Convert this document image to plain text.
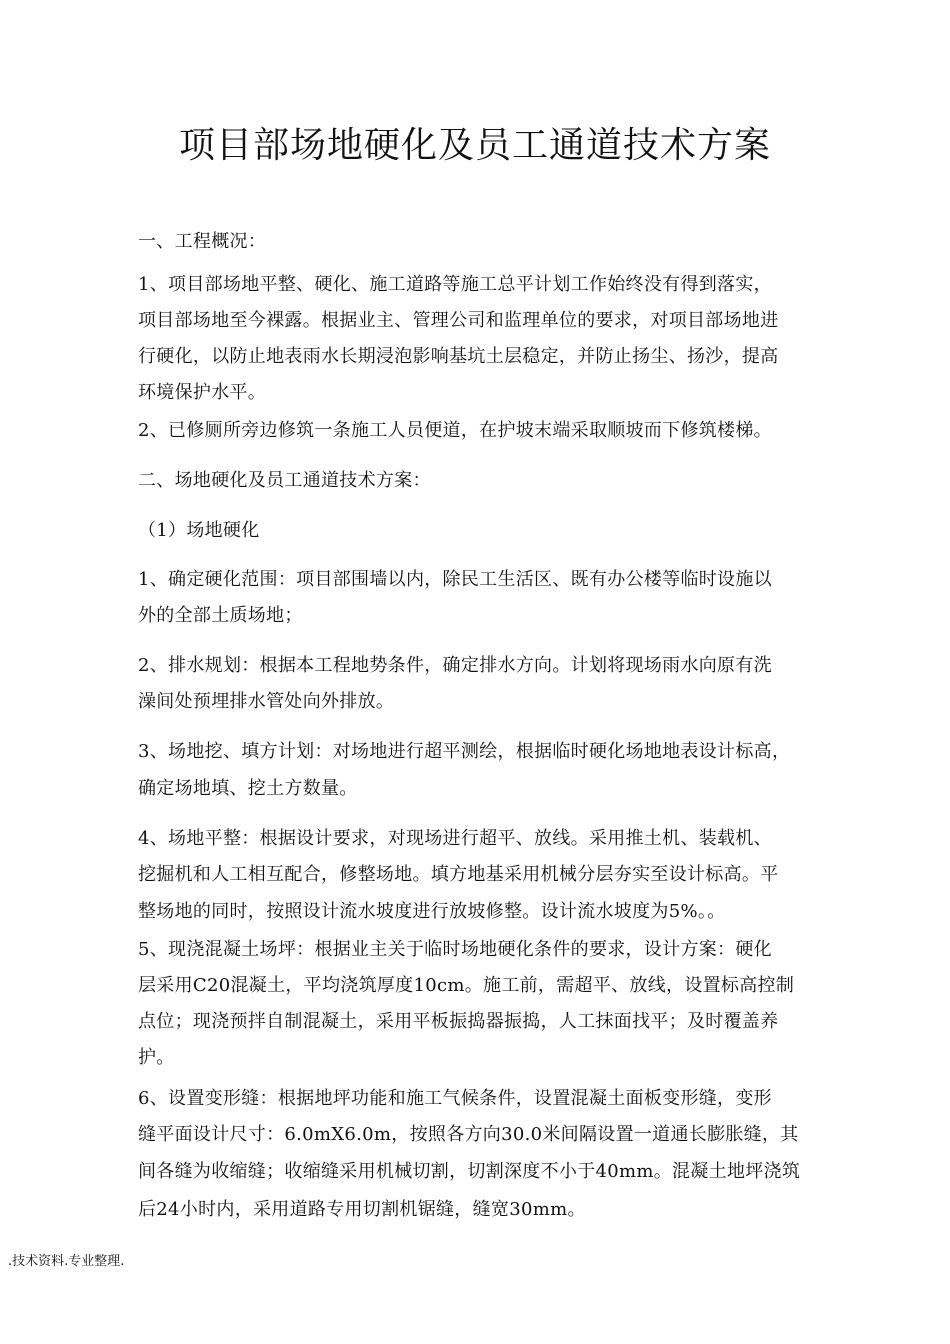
项目部场地硬化及员工通道技术方案

一、工程概况：

1、项目部场地平整、硬化、施工道路等施工总平计划工作始终没有得到落实，

项目部场地至今裸露。根据业主、管理公司和监理单位的要求，对项目部场地进

行硬化，以防止地表雨水长期浸泡影响基坑土层稳定，并防止扬尘、扬沙，提高

环境保护水平。

2、已修厕所旁边修筑一条施工人员便道，在护坡末端采取顺坡而下修筑楼梯。

二、场地硬化及员工通道技术方案：

（1）场地硬化

1、确定硬化范围：项目部围墙以内，除民工生活区、既有办公楼等临时设施以

外的全部土质场地；

2、排水规划：根据本工程地势条件，确定排水方向。计划将现场雨水向原有洗

澡间处预埋排水管处向外排放。

3、场地挖、填方计划：对场地进行超平测绘，根据临时硬化场地地表设计标高，

确定场地填、挖土方数量。

4、场地平整：根据设计要求，对现场进行超平、放线。采用推土机、装载机、

挖掘机和人工相互配合，修整场地。填方地基采用机械分层夯实至设计标高。平

整场地的同时，按照设计流水坡度进行放坡修整。设计流水坡度为5%。。

5、现浇混凝土场坪：根据业主关于临时场地硬化条件的要求，设计方案：硬化

层采用C20混凝土，平均浇筑厚度10cm。施工前，需超平、放线，设置标高控制

点位；现浇预拌自制混凝土，采用平板振捣器振捣，人工抹面找平；及时覆盖养

护。

6、设置变形缝：根据地坪功能和施工气候条件，设置混凝土面板变形缝，变形

缝平面设计尺寸：6.0mX6.0m，按照各方向30.0米间隔设置一道通长膨胀缝，其

间各缝为收缩缝；收缩缝采用机械切割，切割深度不小于40mm。混凝土地坪浇筑

后24小时内，采用道路专用切割机锯缝，缝宽30mm。

.技术资料.专业整理.
